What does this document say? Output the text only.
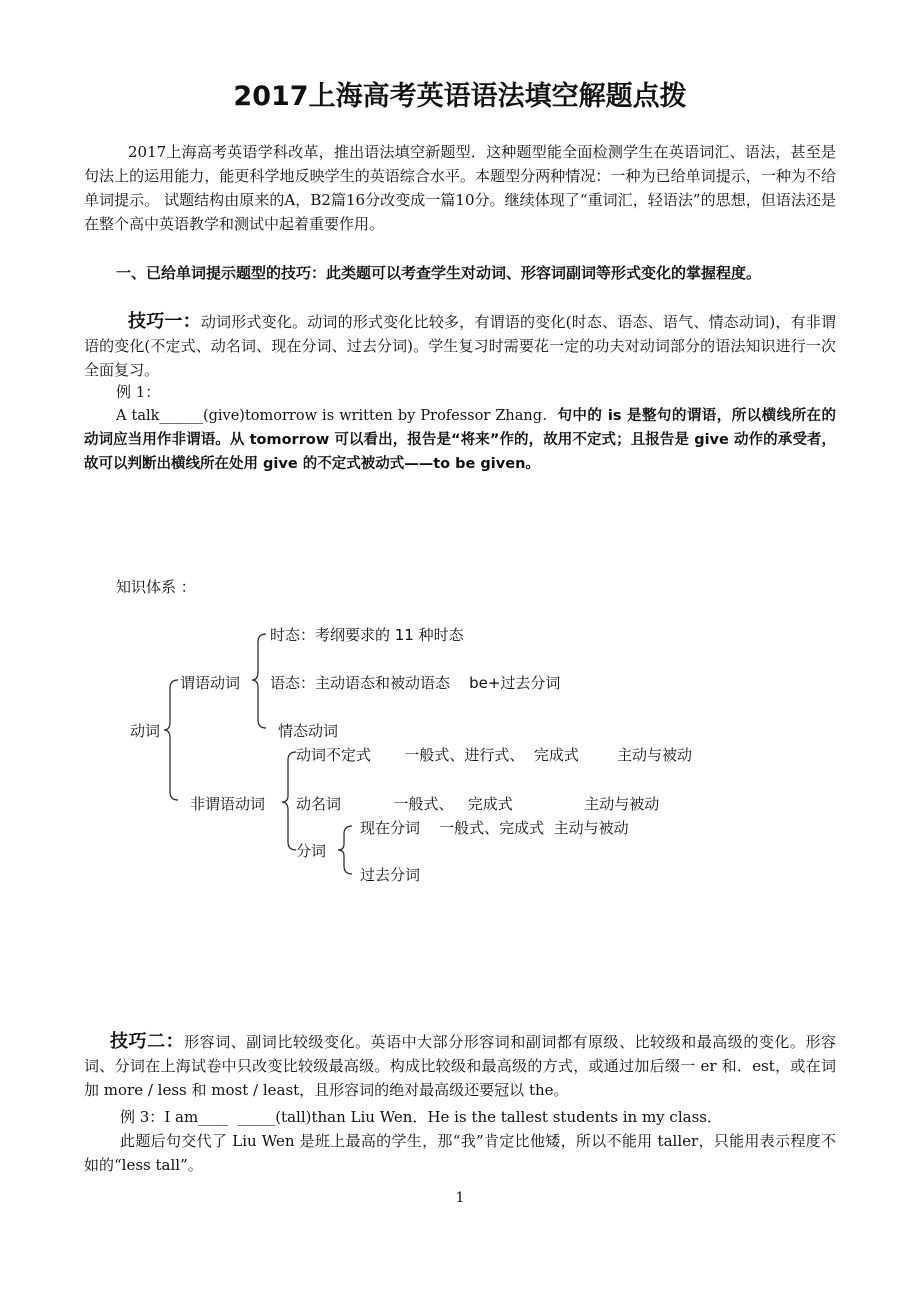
2017上海高考英语语法填空解题点拨
2017上海高考英语学科改革，推出语法填空新题型．这种题型能全面检测学生在英语词汇、语法，甚至是句法上的运用能力，能更科学地反映学生的英语综合水平。本题型分两种情况：一种为已给单词提示，一种为不给单词提示。 试题结构由原来的A，B2篇16分改变成一篇10分。继续体现了“重词汇，轻语法”的思想，但语法还是在整个高中英语教学和测试中起着重要作用。
一、已给单词提示题型的技巧：此类题可以考查学生对动词、形容词副词等形式变化的掌握程度。
技巧一：动词形式变化。动词的形式变化比较多，有谓语的变化(时态、语态、语气、情态动词)，有非谓语的变化(不定式、动名词、现在分词、过去分词)。学生复习时需要花一定的功夫对动词部分的语法知识进行一次全面复习。
例 1：
A talk______(give)tomorrow is written by Professor Zhang．句中的 is 是整句的谓语，所以横线所在的动词应当用作非谓语。从 tomorrow 可以看出，报告是“将来”作的，故用不定式；且报告是 give 动作的承受者，故可以判断出横线所在处用 give 的不定式被动式——to be given。
知识体系 ：
动词
谓语动词
时态：考纲要求的 11 种时态
语态：主动语态和被动语态    be+过去分词
情态动词
非谓语动词
动词不定式       一般式、进行式、  完成式        主动与被动
动名词           一般式、   完成式               主动与被动
分词
现在分词    一般式、完成式  主动与被动
过去分词
技巧二：形容词、副词比较级变化。英语中大部分形容词和副词都有原级、比较级和最高级的变化。形容词、分词在上海试卷中只改变比较级最高级。构成比较级和最高级的方式，或通过加后缀一 er 和．est，或在词加 more / less 和 most / least，且形容词的绝对最高级还要冠以 the。
例 3：I am____  _____(tall)than Liu Wen．He is the tallest students in my class．
此题后句交代了 Liu Wen 是班上最高的学生，那“我”肯定比他矮，所以不能用 taller，只能用表示程度不如的“less tall”。
1
